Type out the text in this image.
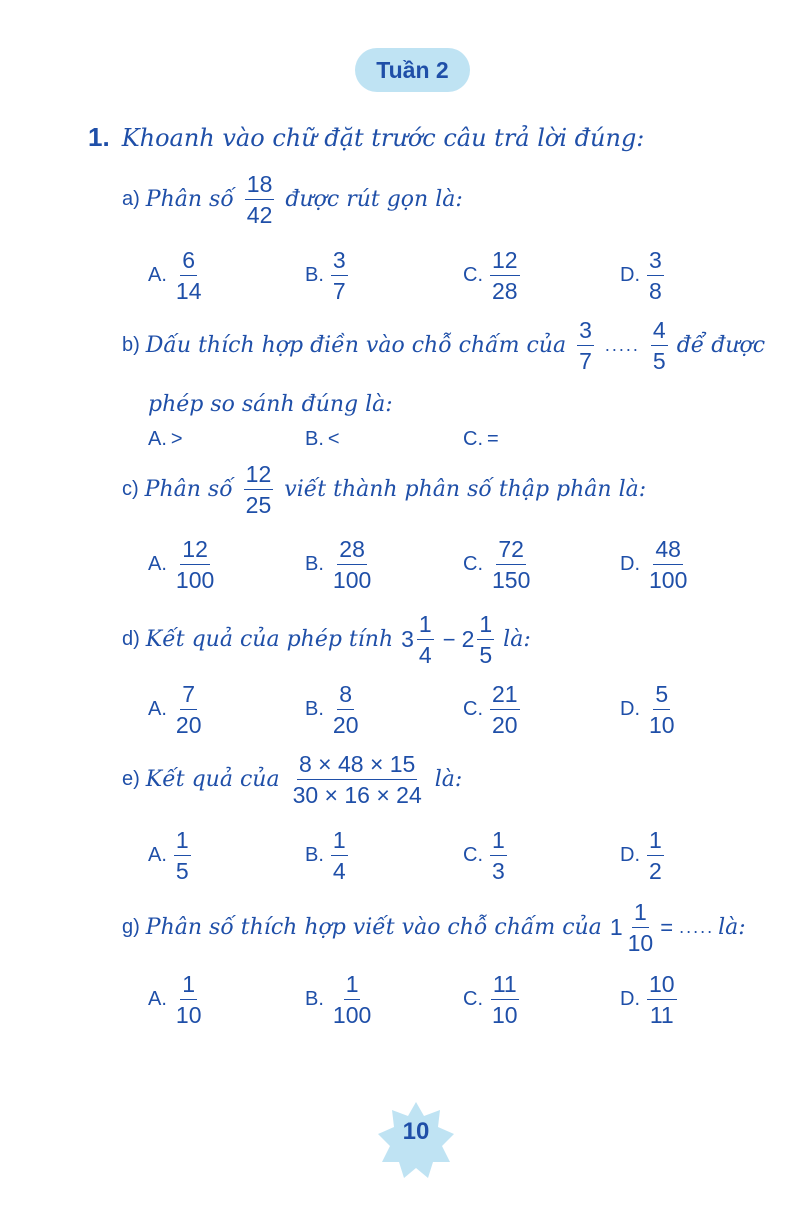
Tuần 2
1. Khoanh vào chữ đặt trước câu trả lời đúng:
a) Phân số $\frac{18}{42}$ được rút gọn là:
A. $\frac{6}{14}$	B. $\frac{3}{7}$	C. $\frac{12}{28}$	D. $\frac{3}{8}$
b) Dấu thích hợp điền vào chỗ chấm của $\frac{3}{7}$ ..... $\frac{4}{5}$ để được
phép so sánh đúng là:
A. >	B. <	C. =
c) Phân số $\frac{12}{25}$ viết thành phân số thập phân là:
A. $\frac{12}{100}$	B. $\frac{28}{100}$	C. $\frac{72}{150}$	D. $\frac{48}{100}$
d) Kết quả của phép tính $3 \frac{1}{4} - 2 \frac{1}{5}$ là:
A. $\frac{7}{20}$	B. $\frac{8}{20}$	C. $\frac{21}{20}$	D. $\frac{5}{10}$
e) Kết quả của $\frac{8 \times 48 \times 15}{30 \times 16 \times 24}$ là:
A. $\frac{1}{5}$	B. $\frac{1}{4}$	C. $\frac{1}{3}$	D. $\frac{1}{2}$
g) Phân số thích hợp viết vào chỗ chấm của $1 \frac{1}{10}$ = ..... là:
A. $\frac{1}{10}$	B. $\frac{1}{100}$	C. $\frac{11}{10}$	D. $\frac{10}{11}$
10
